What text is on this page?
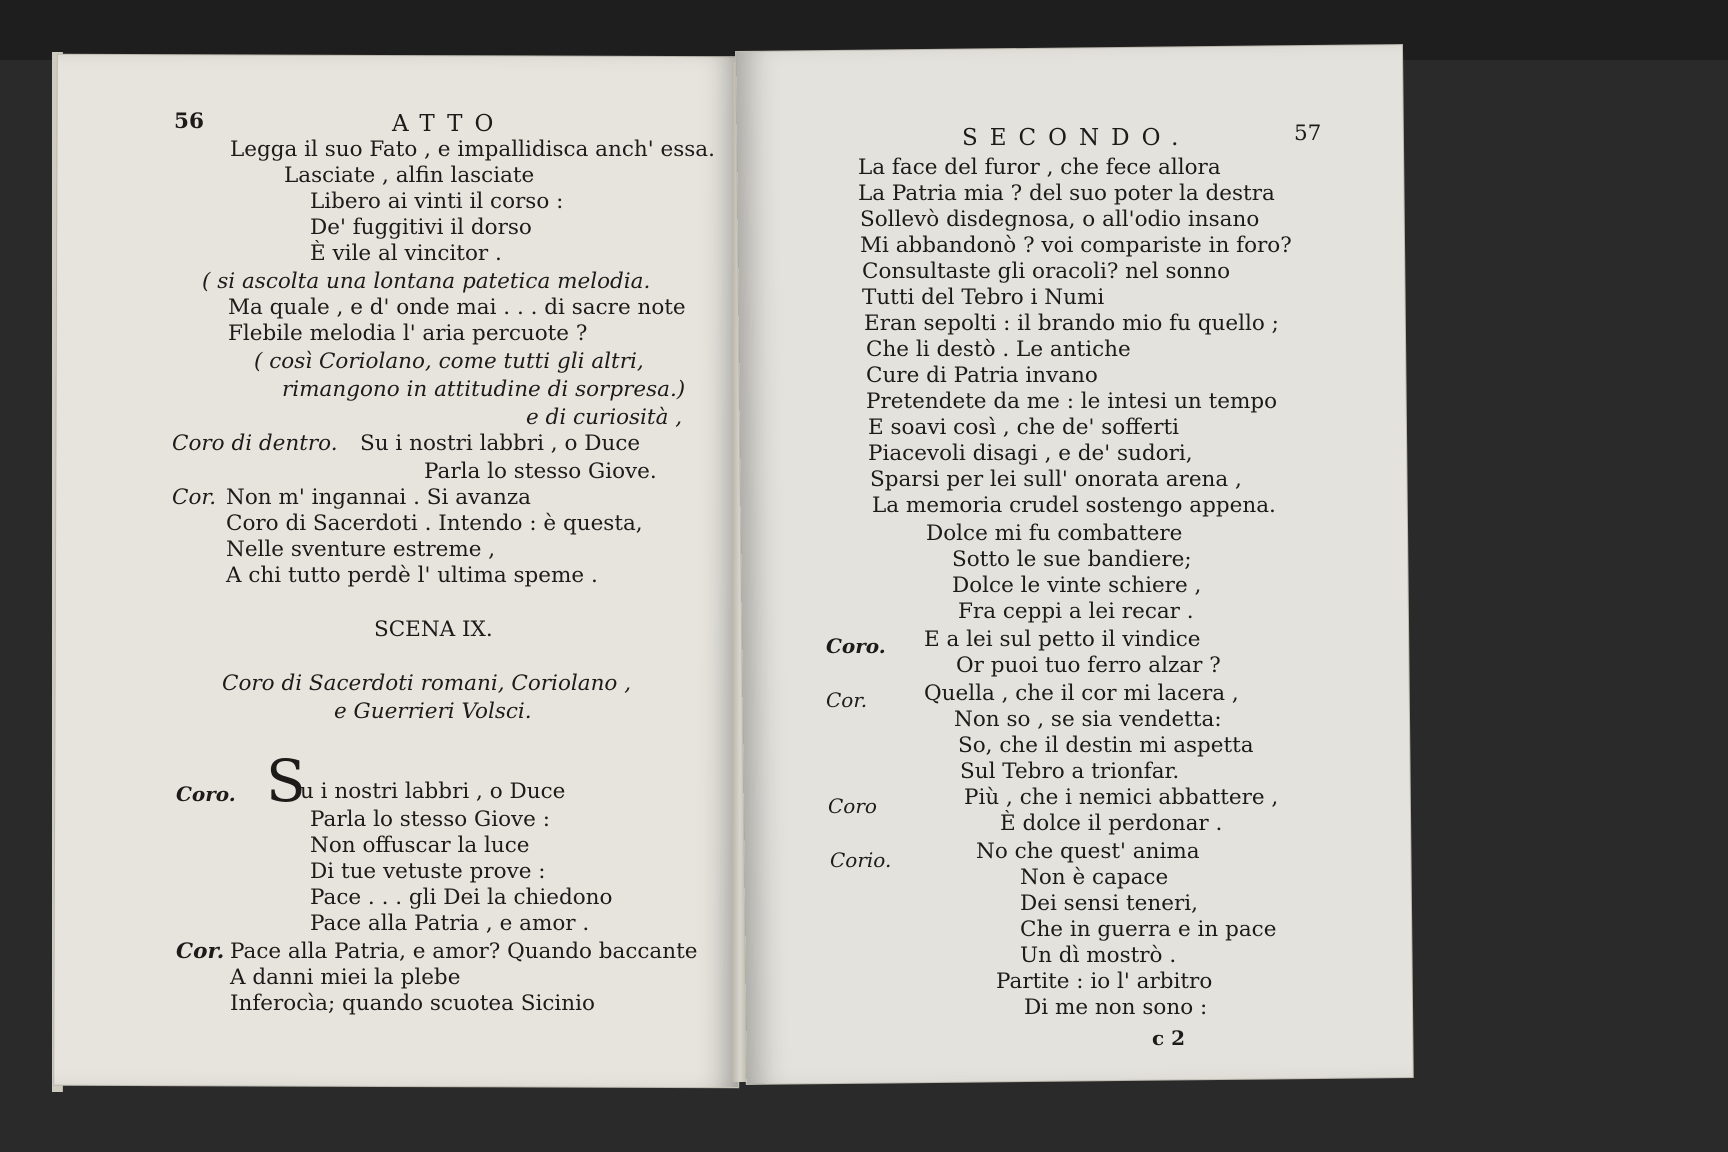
56	ATTO
Legga il suo Fato , e impallidisca anch' essa.
Lasciate , alfin lasciate
Libero ai vinti il corso :
De' fuggitivi il dorso
È vile al vincitor .
( si ascolta una lontana patetica melodia.
Ma quale , e d' onde mai . . . di sacre note
Flebile melodia l' aria percuote ?
( così Coriolano, come tutti gli altri,
rimangono in attitudine di sorpresa.)
e di curiosità ,
Coro di dentro. Su i nostri labbri , o Duce
Parla lo stesso Giove.
Cor. Non m' ingannai . Si avanza
Coro di Sacerdoti . Intendo : è questa,
Nelle sventure estreme ,
A chi tutto perdè l' ultima speme .
SCENA IX.
Coro di Sacerdoti romani, Coriolano ,
e Guerrieri Volsci.
Coro. S
u i nostri labbri , o Duce
Parla lo stesso Giove :
Non offuscar la luce
Di tue vetuste prove :
Pace . . . gli Dei la chiedono
Pace alla Patria , e amor .
Cor. Pace alla Patria, e amor? Quando baccante
A danni miei la plebe
Inferocìa; quando scuotea Sicinio
SECONDO.	57
La face del furor , che fece allora
La Patria mia ? del suo poter la destra
Sollevò disdegnosa, o all'odio insano
Mi abbandonò ? voi compariste in foro?
Consultaste gli oracoli? nel sonno
Tutti del Tebro i Numi
Eran sepolti : il brando mio fu quello ;
Che li destò . Le antiche
Cure di Patria invano
Pretendete da me : le intesi un tempo
E soavi così , che de' sofferti
Piacevoli disagi , e de' sudori,
Sparsi per lei sull' onorata arena ,
La memoria crudel sostengo appena.
Dolce mi fu combattere
Sotto le sue bandiere;
Dolce le vinte schiere ,
Fra ceppi a lei recar .
Coro. E a lei sul petto il vindice
Or puoi tuo ferro alzar ?
Cor.	Quella , che il cor mi lacera ,
Non so , se sia vendetta:
So, che il destin mi aspetta
Sul Tebro a trionfar.
Coro	Più , che i nemici abbattere ,
È dolce il perdonar .
Corio.	No che quest' anima
Non è capace
Dei sensi teneri,
Che in guerra e in pace
Un dì mostrò .
Partite : io l' arbitro
Di me non sono :
c 2
